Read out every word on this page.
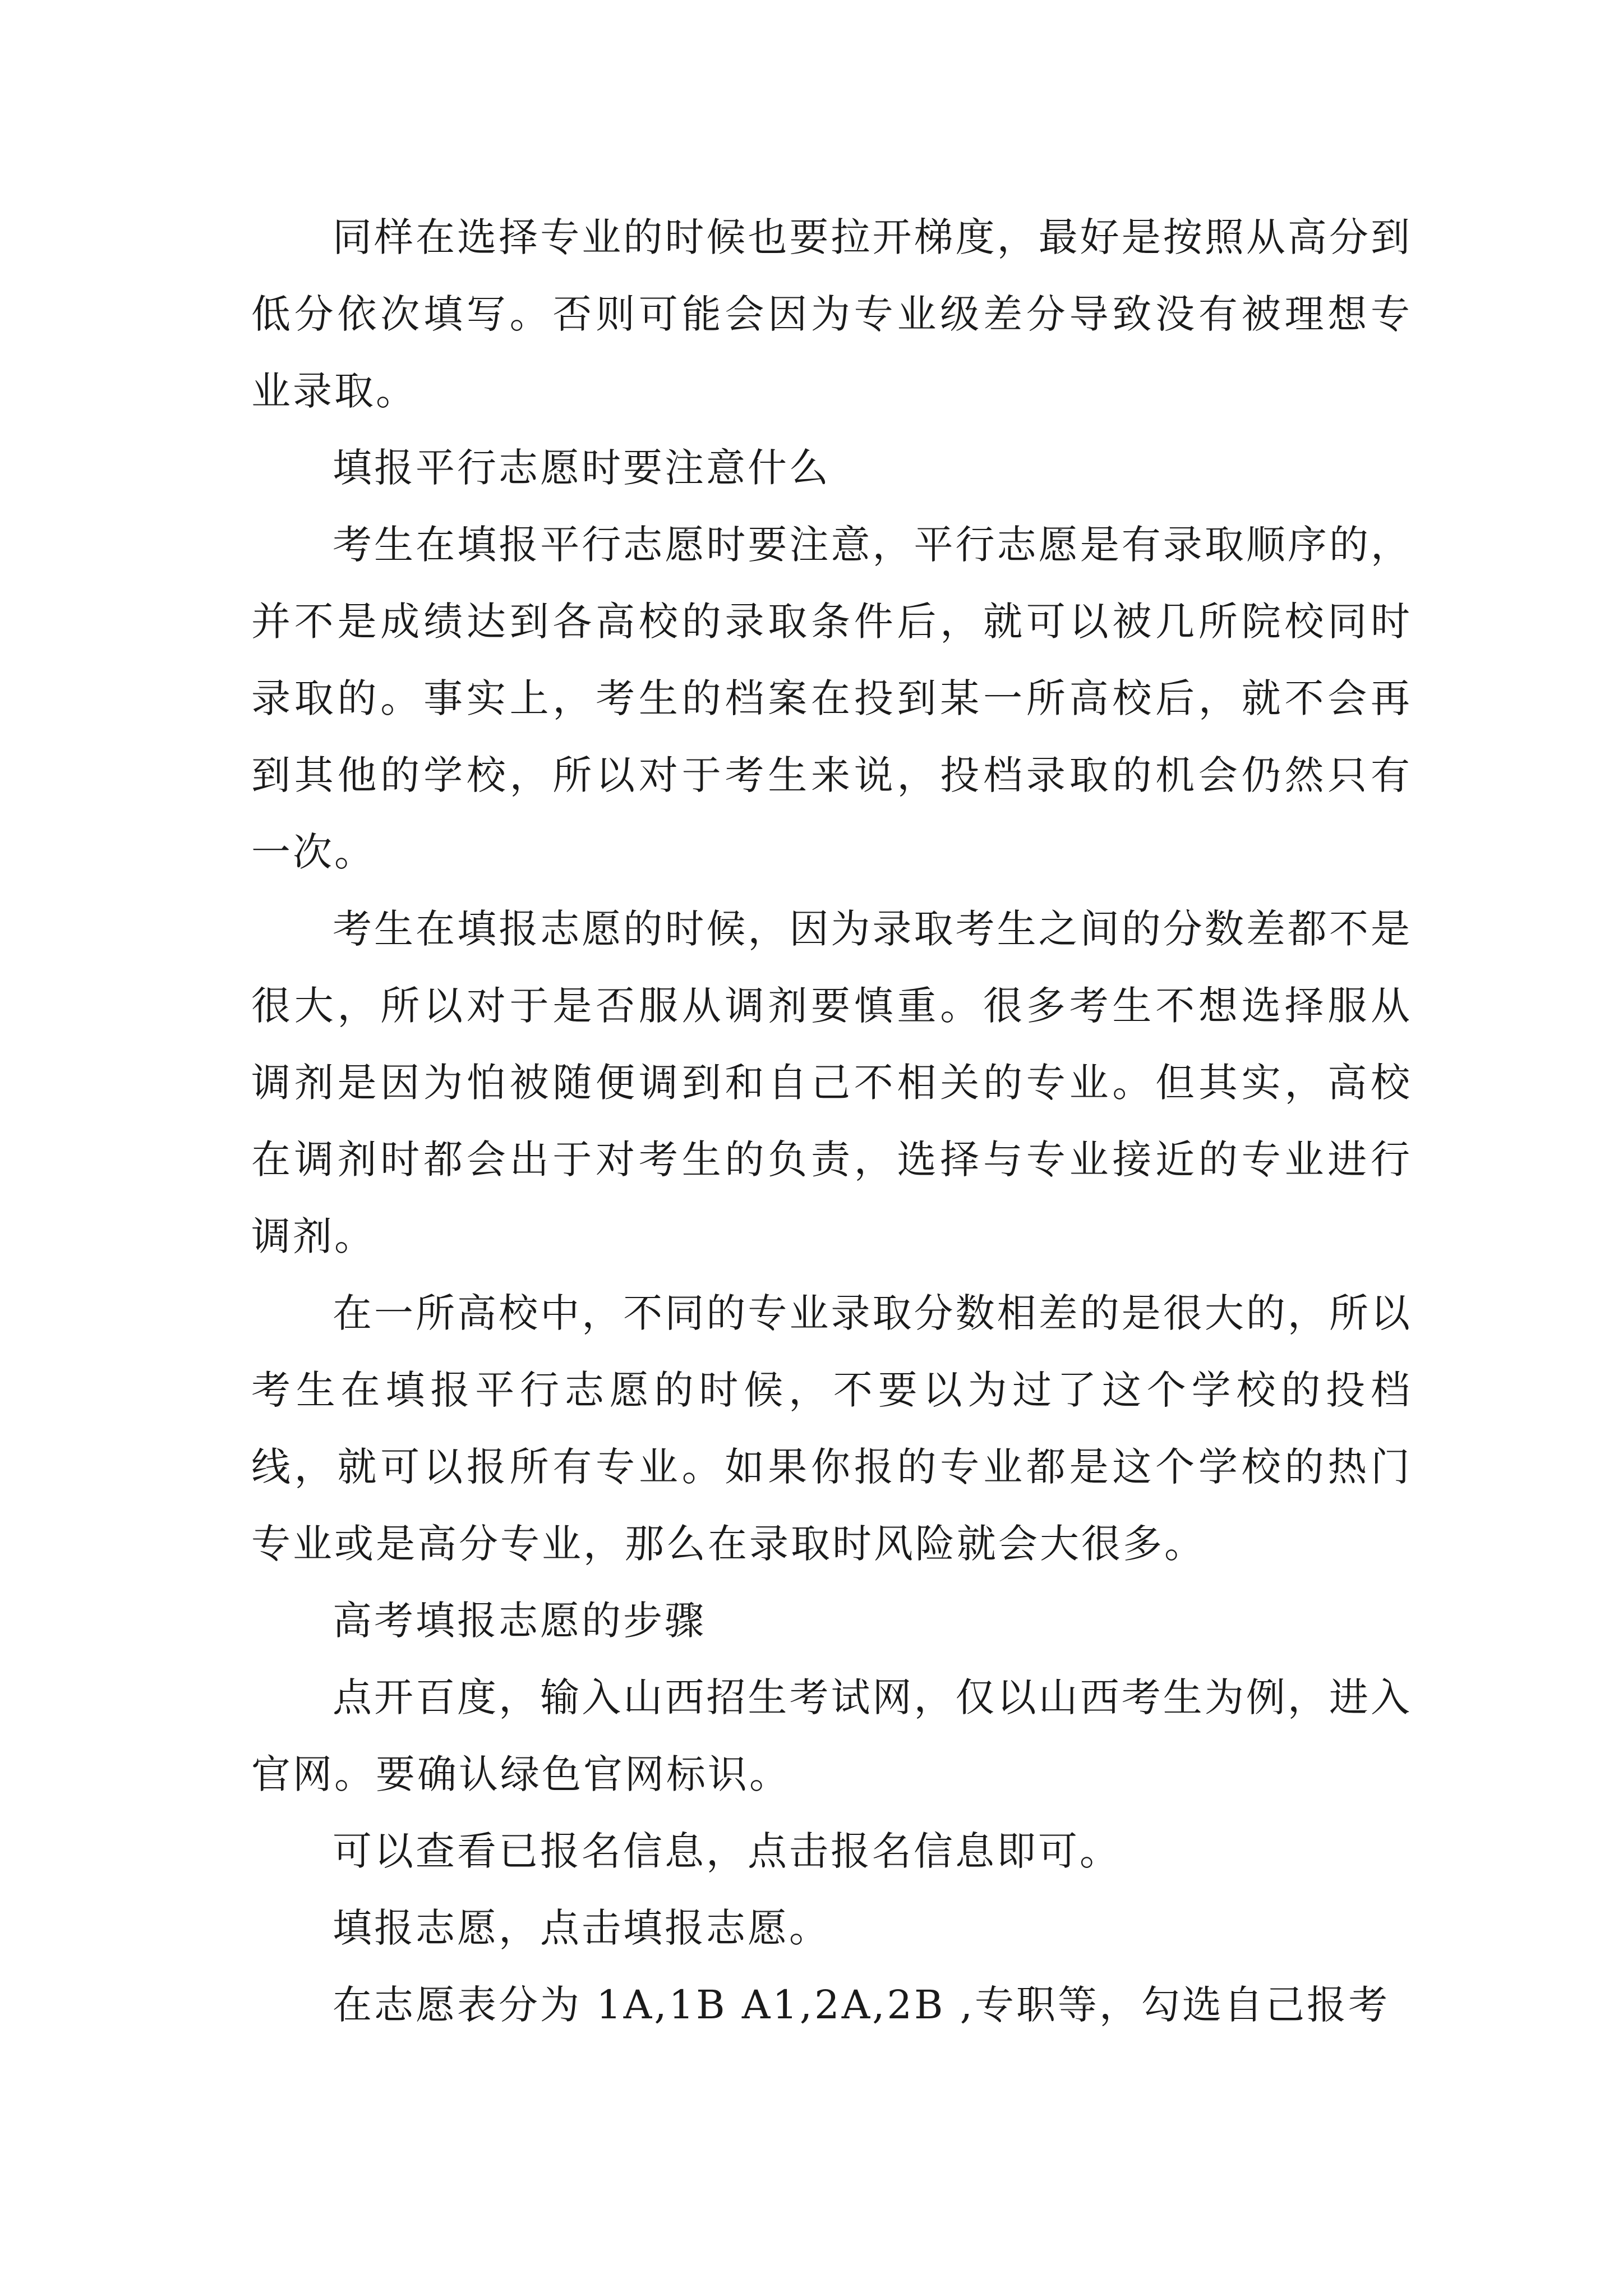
同样在选择专业的时候也要拉开梯度，最好是按照从高分到低分依次填写。否则可能会因为专业级差分导致没有被理想专业录取。

填报平行志愿时要注意什么

考生在填报平行志愿时要注意，平行志愿是有录取顺序的，并不是成绩达到各高校的录取条件后，就可以被几所院校同时录取的。事实上，考生的档案在投到某一所高校后，就不会再到其他的学校，所以对于考生来说，投档录取的机会仍然只有一次。

考生在填报志愿的时候，因为录取考生之间的分数差都不是很大，所以对于是否服从调剂要慎重。很多考生不想选择服从调剂是因为怕被随便调到和自己不相关的专业。但其实，高校在调剂时都会出于对考生的负责，选择与专业接近的专业进行调剂。

在一所高校中，不同的专业录取分数相差的是很大的，所以考生在填报平行志愿的时候，不要以为过了这个学校的投档线，就可以报所有专业。如果你报的专业都是这个学校的热门专业或是高分专业，那么在录取时风险就会大很多。

高考填报志愿的步骤

点开百度，输入山西招生考试网，仅以山西考生为例，进入官网。要确认绿色官网标识。

可以查看已报名信息，点击报名信息即可。

填报志愿，点击填报志愿。

在志愿表分为 1A,1B A1,2A,2B ,专职等，勾选自己报考
